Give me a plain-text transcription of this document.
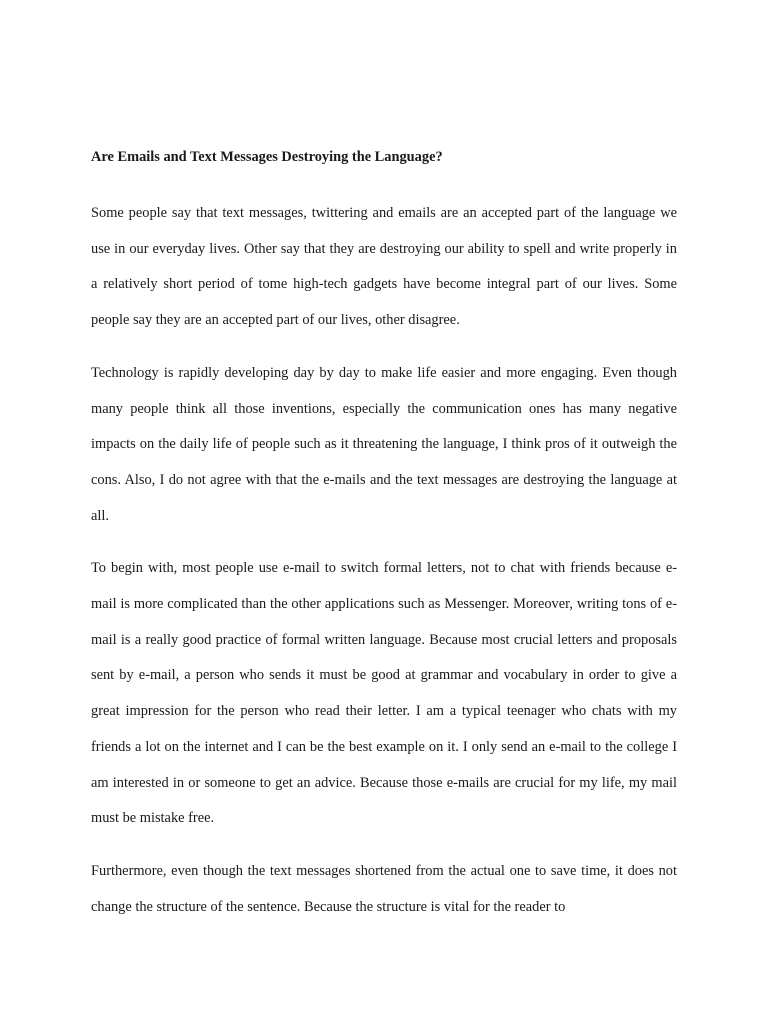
Are Emails and Text Messages Destroying the Language?

Some people say that text messages, twittering and emails are an accepted part of the language we use in our everyday lives. Other say that they are destroying our ability to spell and write properly in a relatively short period of tome high-tech gadgets have become integral part of our lives. Some people say they are an accepted part of our lives, other disagree.

Technology is rapidly developing day by day to make life easier and more engaging. Even though many people think all those inventions, especially the communication ones has many negative impacts on the daily life of people such as it threatening the language, I think pros of it outweigh the cons. Also, I do not agree with that the e-mails and the text messages are destroying the language at all.

To begin with, most people use e-mail to switch formal letters, not to chat with friends because e-mail is more complicated than the other applications such as Messenger. Moreover, writing tons of e-mail is a really good practice of formal written language. Because most crucial letters and proposals sent by e-mail, a person who sends it must be good at grammar and vocabulary in order to give a great impression for the person who read their letter. I am a typical teenager who chats with my friends a lot on the internet and I can be the best example on it. I only send an e-mail to the college I am interested in or someone to get an advice. Because those e-mails are crucial for my life, my mail must be mistake free.

Furthermore, even though the text messages shortened from the actual one to save time, it does not change the structure of the sentence. Because the structure is vital for the reader to
